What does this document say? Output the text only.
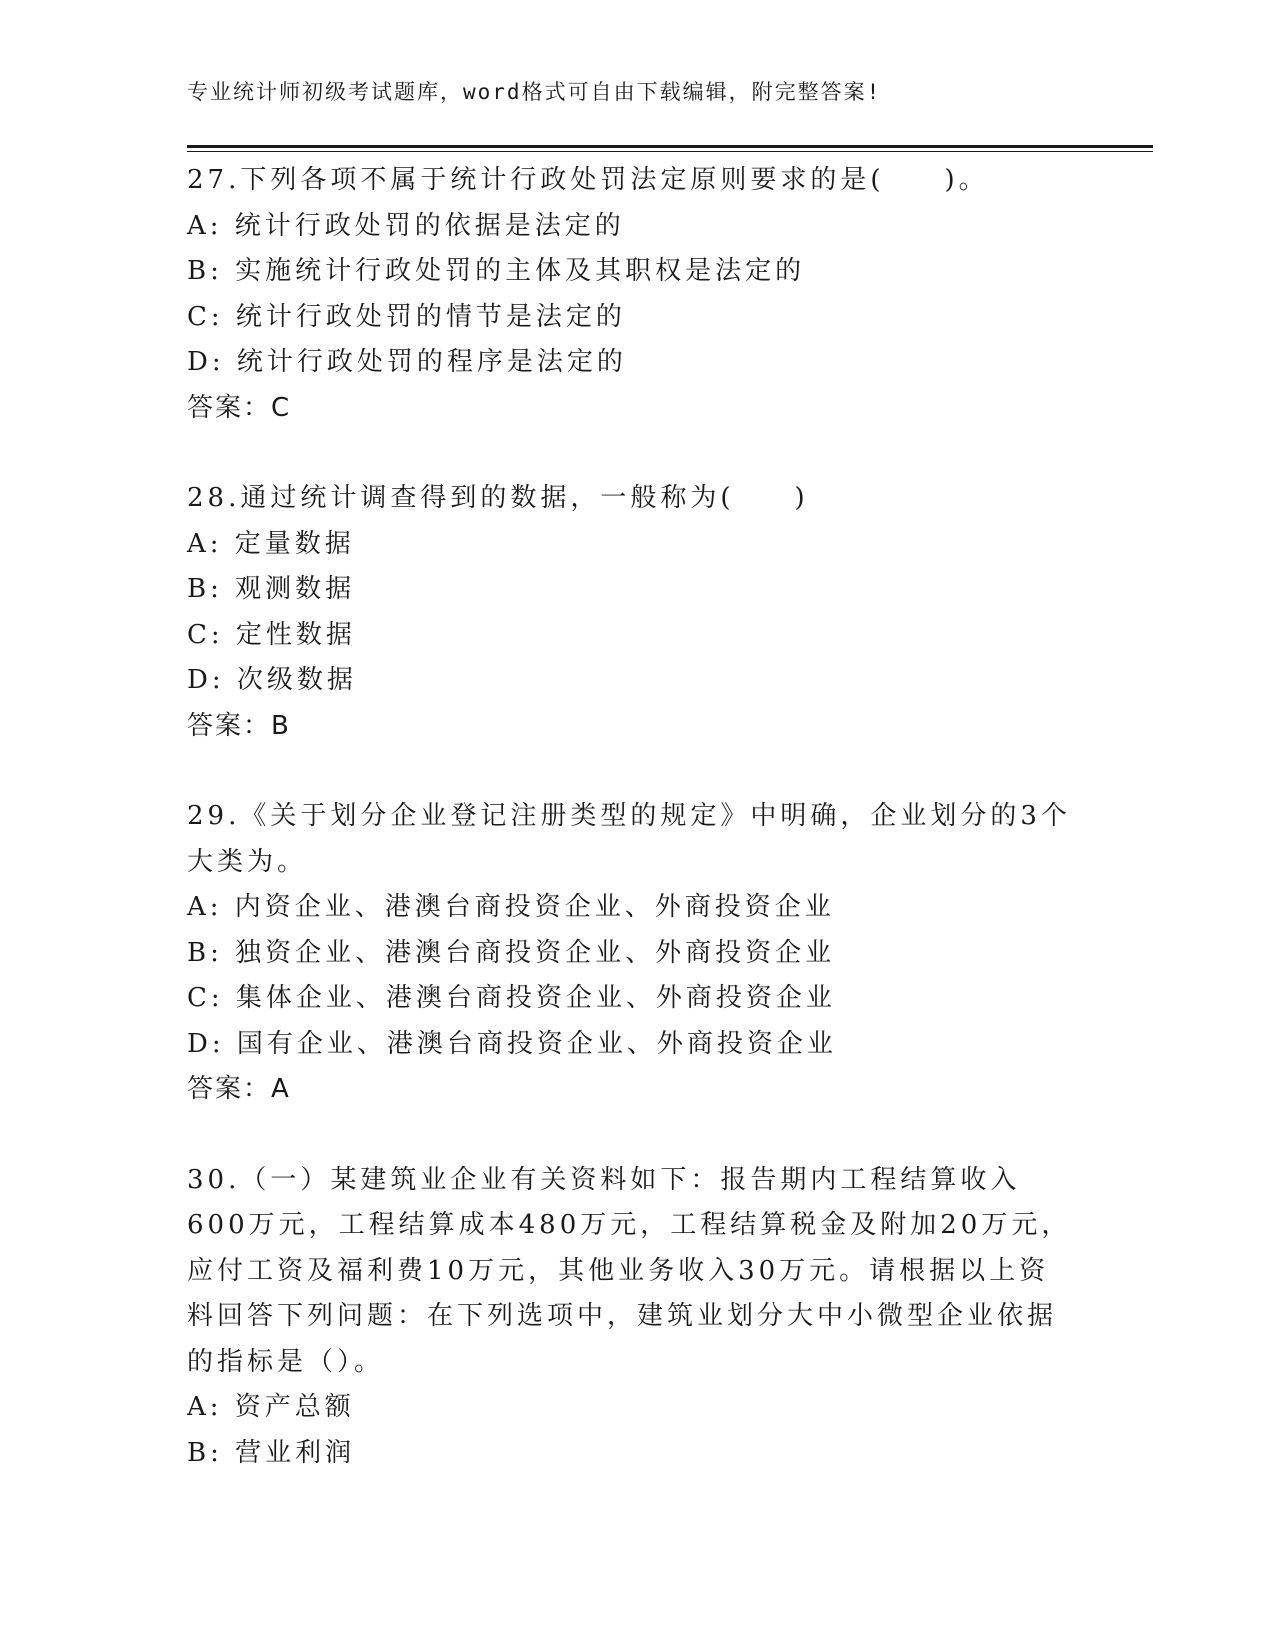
专业统计师初级考试题库，word格式可自由下载编辑，附完整答案!
27.下列各项不属于统计行政处罚法定原则要求的是(　　)。
A: 统计行政处罚的依据是法定的
B: 实施统计行政处罚的主体及其职权是法定的
C: 统计行政处罚的情节是法定的
D: 统计行政处罚的程序是法定的
答案：C
28.通过统计调查得到的数据，一般称为(　　)
A: 定量数据
B: 观测数据
C: 定性数据
D: 次级数据
答案：B
29.《关于划分企业登记注册类型的规定》中明确，企业划分的3个大类为。
A: 内资企业、港澳台商投资企业、外商投资企业
B: 独资企业、港澳台商投资企业、外商投资企业
C: 集体企业、港澳台商投资企业、外商投资企业
D: 国有企业、港澳台商投资企业、外商投资企业
答案：A
30.（一）某建筑业企业有关资料如下：报告期内工程结算收入600万元，工程结算成本480万元，工程结算税金及附加20万元，应付工资及福利费10万元，其他业务收入30万元。请根据以上资料回答下列问题：在下列选项中，建筑业划分大中小微型企业依据的指标是（）。
A: 资产总额
B: 营业利润
